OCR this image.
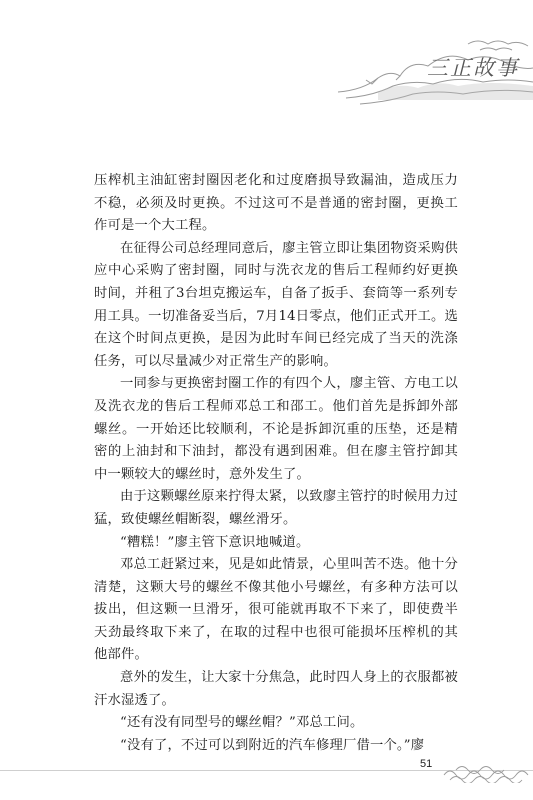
三正故事

压榨机主油缸密封圈因老化和过度磨损导致漏油，造成压力不稳，必须及时更换。不过这可不是普通的密封圈，更换工作可是一个大工程。

在征得公司总经理同意后，廖主管立即让集团物资采购供应中心采购了密封圈，同时与洗衣龙的售后工程师约好更换时间，并租了3台坦克搬运车，自备了扳手、套筒等一系列专用工具。一切准备妥当后，7月14日零点，他们正式开工。选在这个时间点更换，是因为此时车间已经完成了当天的洗涤任务，可以尽量减少对正常生产的影响。

一同参与更换密封圈工作的有四个人，廖主管、方电工以及洗衣龙的售后工程师邓总工和邵工。他们首先是拆卸外部螺丝。一开始还比较顺利，不论是拆卸沉重的压垫，还是精密的上油封和下油封，都没有遇到困难。但在廖主管拧卸其中一颗较大的螺丝时，意外发生了。

由于这颗螺丝原来拧得太紧，以致廖主管拧的时候用力过猛，致使螺丝帽断裂，螺丝滑牙。

“糟糕！”廖主管下意识地喊道。

邓总工赶紧过来，见是如此情景，心里叫苦不迭。他十分清楚，这颗大号的螺丝不像其他小号螺丝，有多种方法可以拔出，但这颗一旦滑牙，很可能就再取不下来了，即使费半天劲最终取下来了，在取的过程中也很可能损坏压榨机的其他部件。

意外的发生，让大家十分焦急，此时四人身上的衣服都被汗水湿透了。

“还有没有同型号的螺丝帽？”邓总工问。

“没有了，不过可以到附近的汽车修理厂借一个。”廖

51
